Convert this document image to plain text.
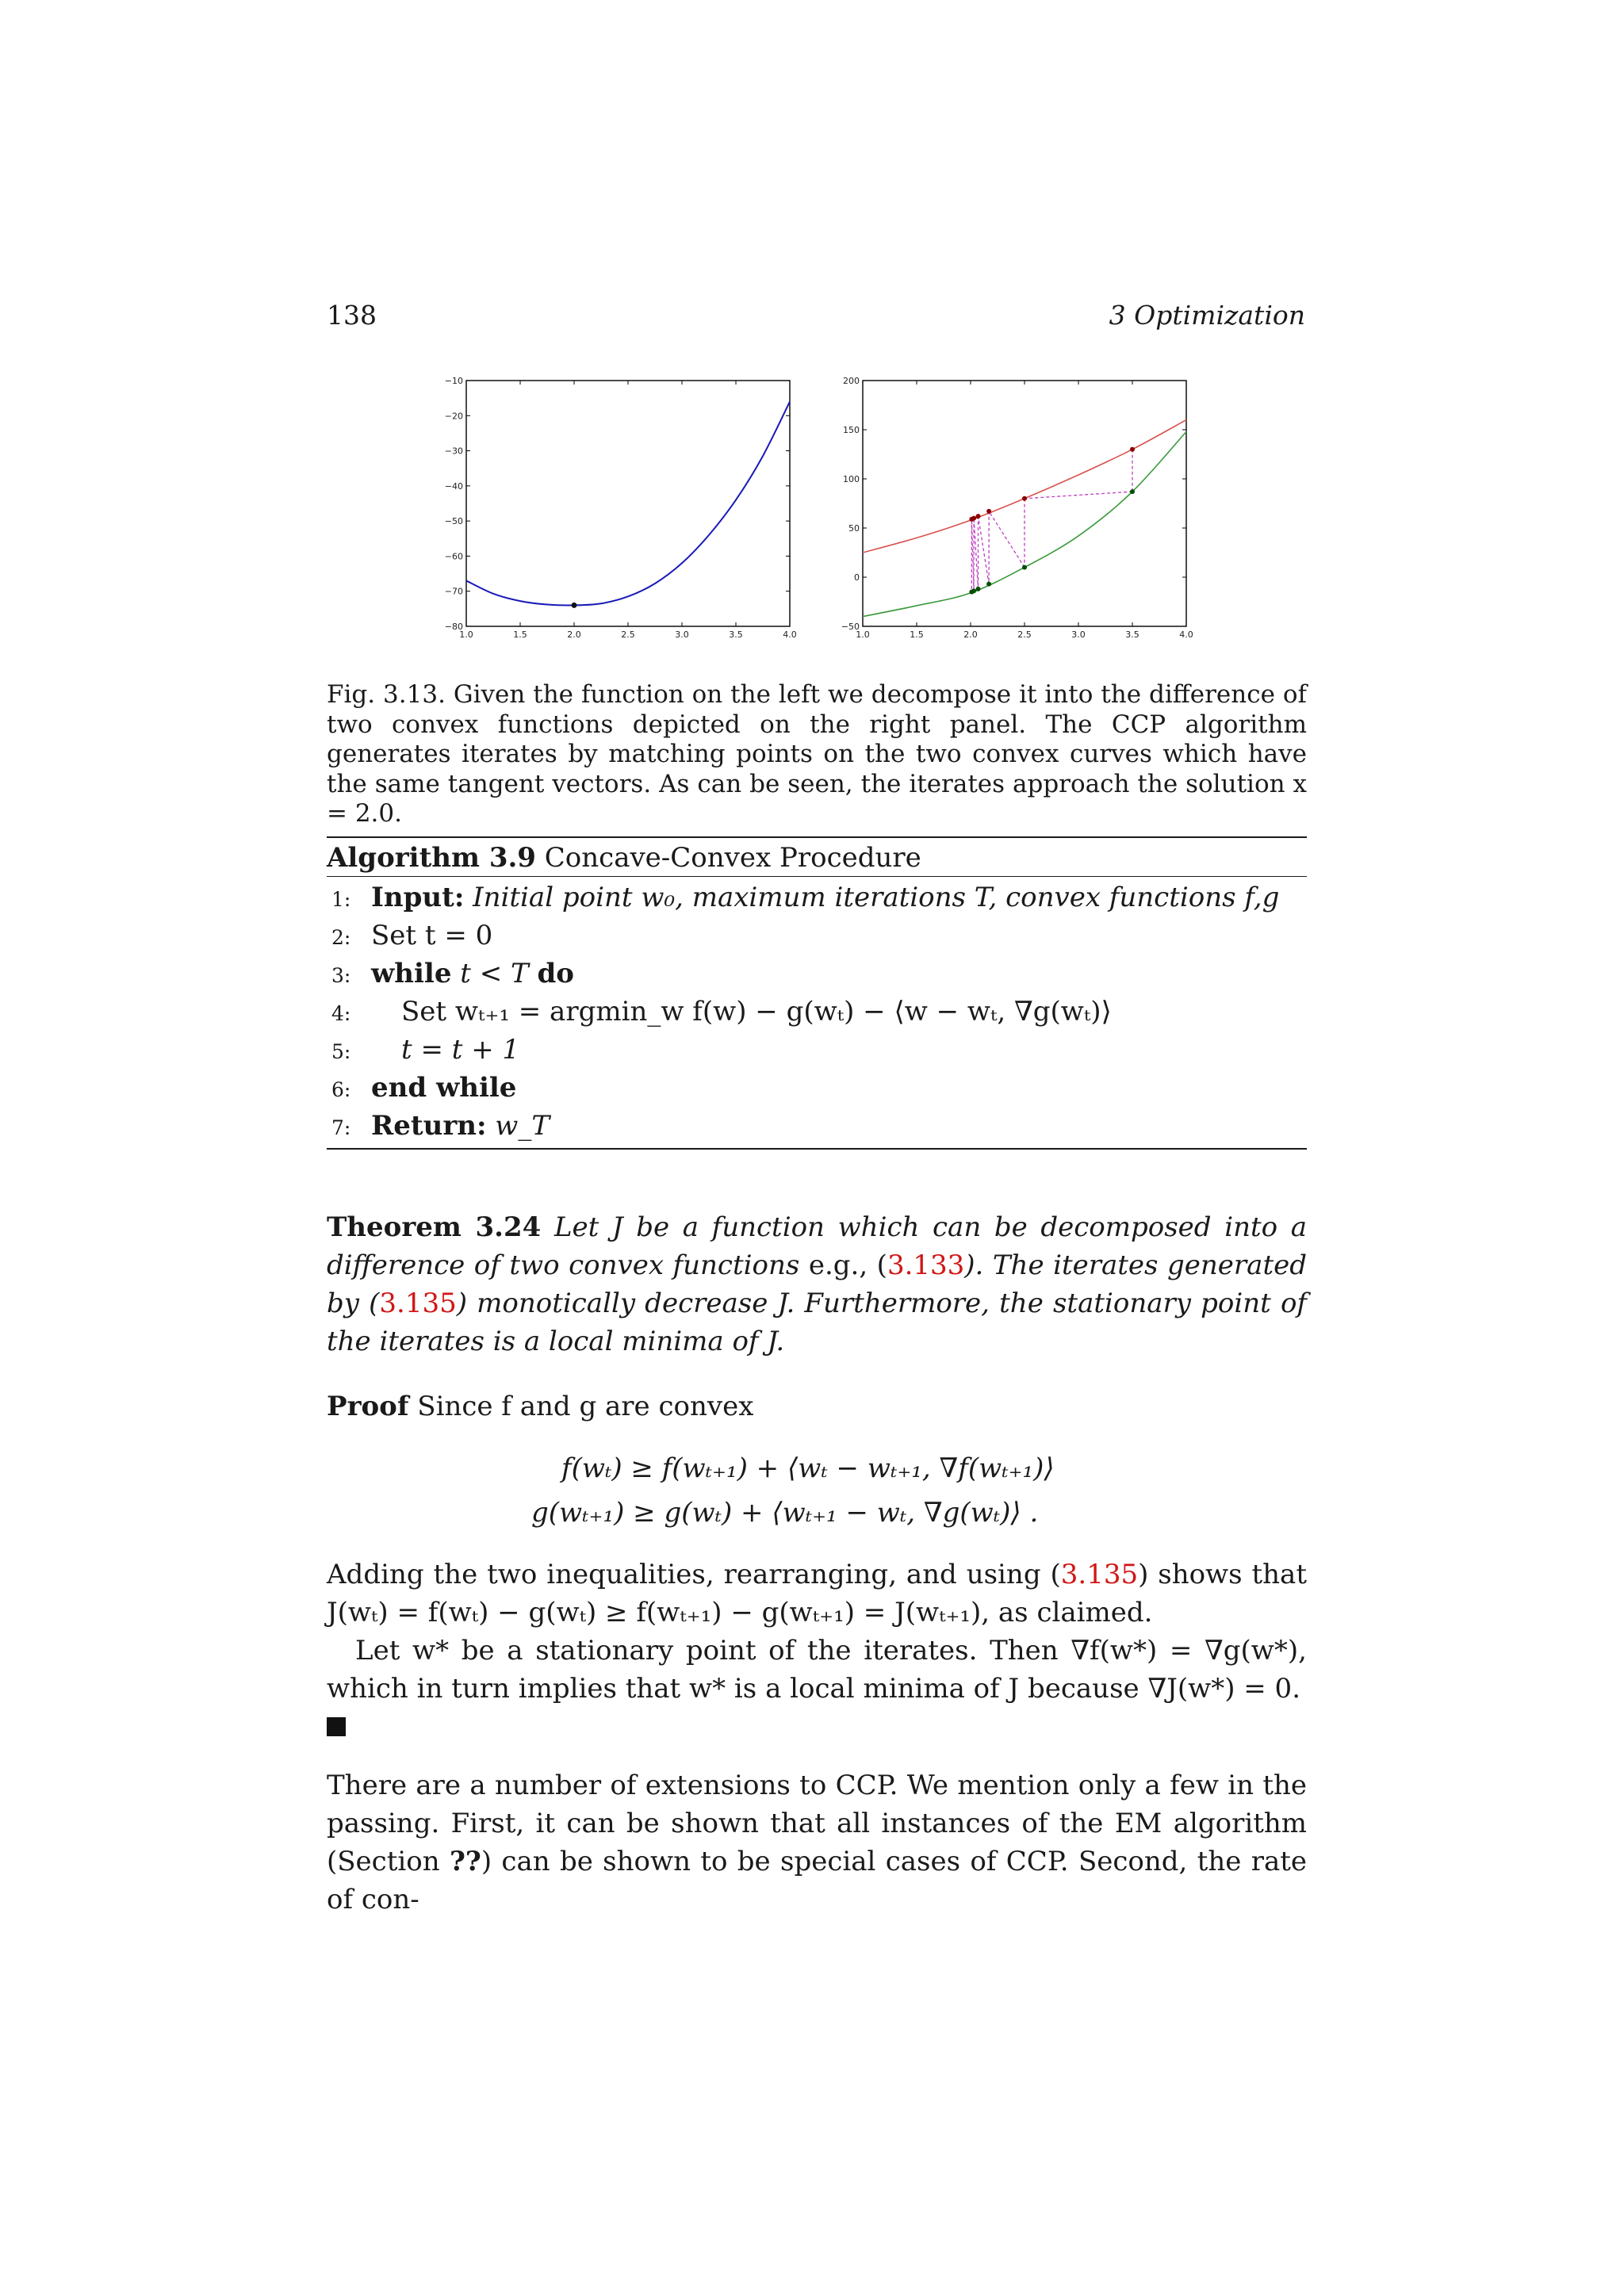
138	3 Optimization
1.0	1.5	2.0	2.5	3.0	3.5	4.0
−10
−20
−30
−40
−50
−60
−70
−80
1.0	1.5	2.0	2.5	3.0	3.5	4.0
200
150
100
50
0
−50

Fig. 3.13. Given the function on the left we decompose it into the difference of two convex functions depicted on the right panel. The CCP algorithm generates iterates by matching points on the two convex curves which have the same tangent vectors. As can be seen, the iterates approach the solution x = 2.0.

Algorithm 3.9 Concave-Convex Procedure
1: Input: Initial point w₀, maximum iterations T, convex functions f,g
2: Set t = 0
3: while t < T do
4: Set wₜ₊₁ = argmin_w f(w) − g(wₜ) − ⟨w − wₜ, ∇g(wₜ)⟩
5: t = t + 1
6: end while
7: Return: w_T

Theorem 3.24 Let J be a function which can be decomposed into a difference of two convex functions e.g., (3.133). The iterates generated by (3.135) monotically decrease J. Furthermore, the stationary point of the iterates is a local minima of J.

Proof Since f and g are convex

f(wₜ) ≥ f(wₜ₊₁) + ⟨wₜ − wₜ₊₁, ∇f(wₜ₊₁)⟩
g(wₜ₊₁) ≥ g(wₜ) + ⟨wₜ₊₁ − wₜ, ∇g(wₜ)⟩ .

Adding the two inequalities, rearranging, and using (3.135) shows that J(wₜ) = f(wₜ) − g(wₜ) ≥ f(wₜ₊₁) − g(wₜ₊₁) = J(wₜ₊₁), as claimed.

Let w* be a stationary point of the iterates. Then ∇f(w*) = ∇g(w*), which in turn implies that w* is a local minima of J because ∇J(w*) = 0.

There are a number of extensions to CCP. We mention only a few in the passing. First, it can be shown that all instances of the EM algorithm (Section ??) can be shown to be special cases of CCP. Second, the rate of con-
